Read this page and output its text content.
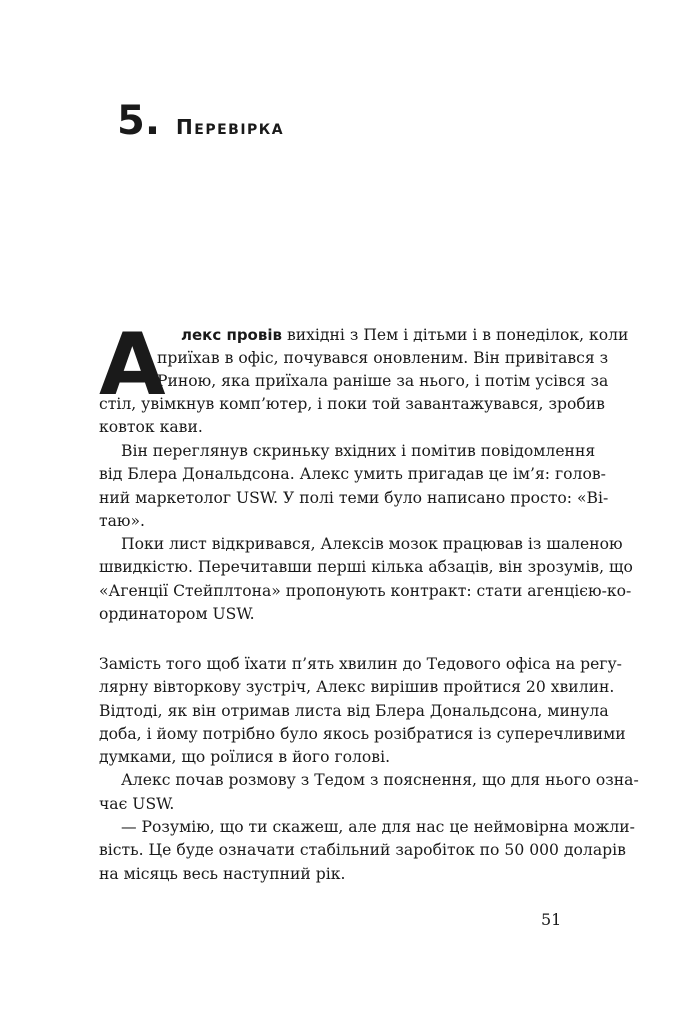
5. Перевірка
А лекс провів вихідні з Пем і дітьми і в понеділок, коли
приїхав в офіс, почувався оновленим. Він привітався з
Риною, яка приїхала раніше за нього, і потім усівся за
стіл, увімкнув комп’ютер, і поки той завантажувався, зробив
ковток кави.
Він переглянув скриньку вхідних і помітив повідомлення
від Блера Дональдсона. Алекс умить пригадав це ім’я: голов-
ний маркетолог USW. У полі теми було написано просто: «Ві-
таю».
Поки лист відкривався, Алексів мозок працював із шаленою
швидкістю. Перечитавши перші кілька абзаців, він зрозумів, що
«Агенції Стейплтона» пропонують контракт: стати агенцією-ко-
ординатором USW.
Замість того щоб їхати п’ять хвилин до Тедового офіса на регу-
лярну вівторкову зустріч, Алекс вирішив пройтися 20 хвилин.
Відтоді, як він отримав листа від Блера Дональдсона, минула
доба, і йому потрібно було якось розібратися із суперечливими
думками, що роїлися в його голові.
Алекс почав розмову з Тедом з пояснення, що для нього озна-
чає USW.
— Розумію, що ти скажеш, але для нас це неймовірна можли-
вість. Це буде означати стабільний заробіток по 50 000 доларів
на місяць весь наступний рік.
51
